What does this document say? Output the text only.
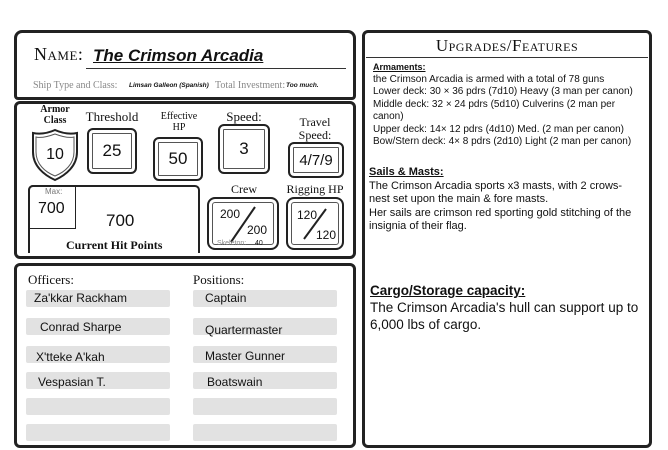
Name: The Crimson Arcadia
Ship Type and Class: Limsan Galleon (Spanish) Total Investment: Too much.
Armor Class
10
Threshold
25
Effective HP
50
Speed:
3
Travel Speed:
4/7/9
Max:
700
700
Current Hit Points
Crew
200
200
Skeleton: 40
Rigging HP
120
120
Officers:	Positions:
Za'kkar Rackham	Captain
Conrad Sharpe	Quartermaster
X'tteke A'kah	Master Gunner
Vespasian T.	Boatswain
Upgrades/Features
Armaments:
the Crimson Arcadia is armed with a total of 78 guns
Lower deck: 30 × 36 pdrs (7d10) Heavy (3 man per canon)
Middle deck: 32 × 24 pdrs (5d10) Culverins (2 man per
canon)
Upper deck: 14× 12 pdrs (4d10) Med. (2 man per canon)
Bow/Stern deck: 4× 8 pdrs (2d10) Light (2 man per canon)
Sails & Masts:
The Crimson Arcadia sports x3 masts, with 2 crows-
nest set upon the main & fore masts.
Her sails are crimson red sporting gold stitching of the
insignia of their flag.
Cargo/Storage capacity:
The Crimson Arcadia's hull can support up to
6,000 lbs of cargo.
